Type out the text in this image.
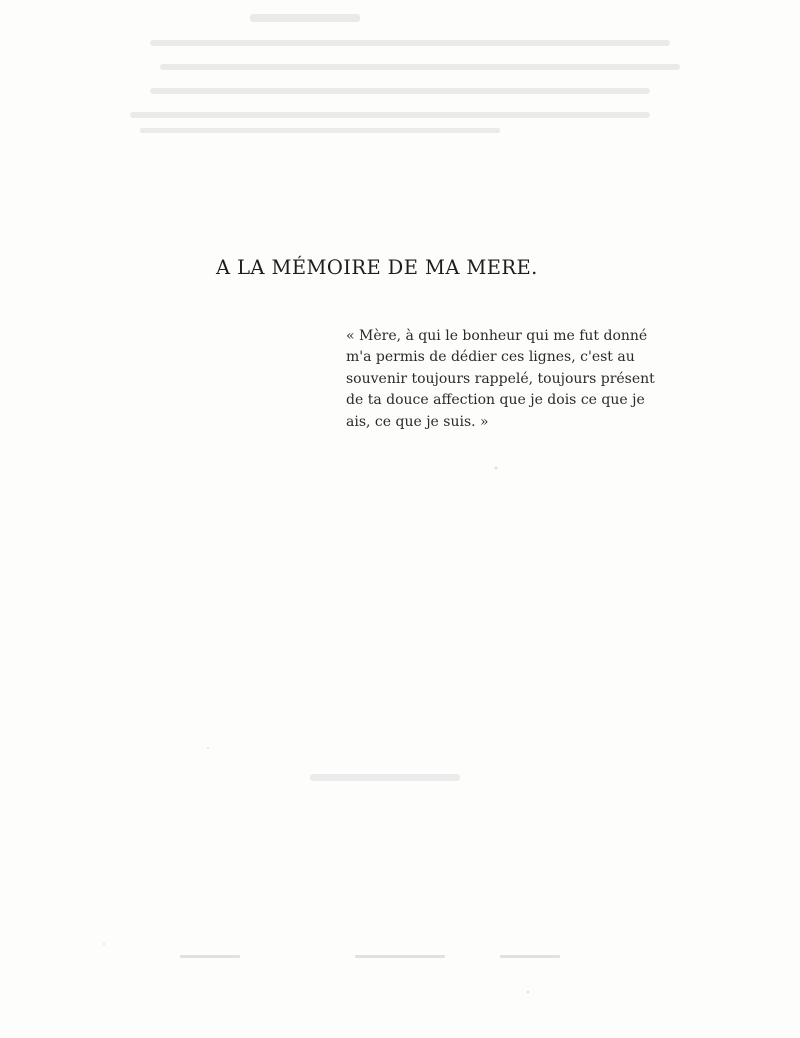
A LA MÉMOIRE DE MA MERE.
« Mère, à qui le bonheur qui me fut donné
m'a permis de dédier ces lignes, c'est au
souvenir toujours rappelé, toujours présent
de ta douce affection que je dois ce que je
ais, ce que je suis. »
